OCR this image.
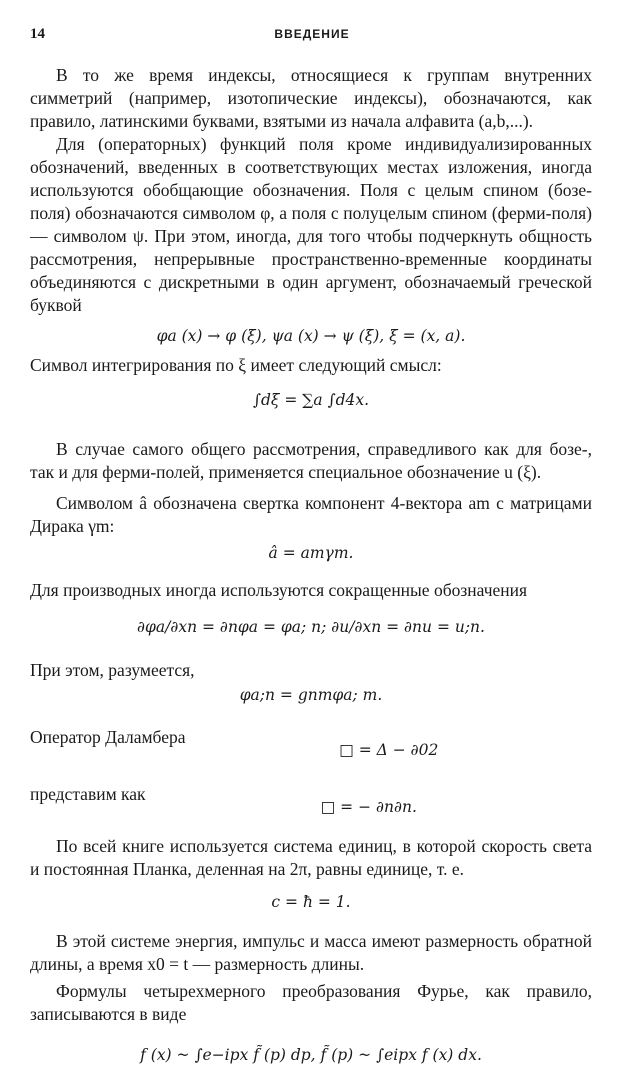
14	ВВЕДЕНИЕ

В то же время индексы, относящиеся к группам внутренних симметрий (например, изотопические индексы), обозначаются, как правило, латинскими буквами, взятыми из начала алфавита (a,b,...).

Для (операторных) функций поля кроме индивидуализированных обозначений, введенных в соответствующих местах изложения, иногда используются обобщающие обозначения. Поля с целым спином (бозе-поля) обозначаются символом φ, а поля с полуцелым спином (ферми-поля) — символом ψ. При этом, иногда, для того чтобы подчеркнуть общность рассмотрения, непрерывные пространственно-временные координаты объединяются с дискретными в один аргумент, обозначаемый греческой буквой

φa (x) → φ (ξ), ψa (x) → ψ (ξ), ξ = (x, a).

Символ интегрирования по ξ имеет следующий смысл:

∫dξ = ∑a ∫d4x.

В случае самого общего рассмотрения, справедливого как для бозе-, так и для ферми-полей, применяется специальное обозначение u (ξ).

Символом â обозначена свертка компонент 4-вектора am с матрицами Дирака γm:

â = amγm.

Для производных иногда используются сокращенные обозначения

∂φa/∂xn = ∂nφa = φa; n; ∂u/∂xn = ∂nu = u;n.

При этом, разумеется,

φa;n = gnmφa; m.

Оператор Даламбера
□ = Δ − ∂02
представим как
□ = − ∂n∂n.

По всей книге используется система единиц, в которой скорость света и постоянная Планка, деленная на 2π, равны единице, т. е.

c = ħ = 1.

В этой системе энергия, импульс и масса имеют размерность обратной длины, а время x0 = t — размерность длины.

Формулы четырехмерного преобразования Фурье, как правило, записываются в виде

f (x) ~ ∫e−ipx f̃ (p) dp, f̃ (p) ~ ∫eipx f (x) dx.
